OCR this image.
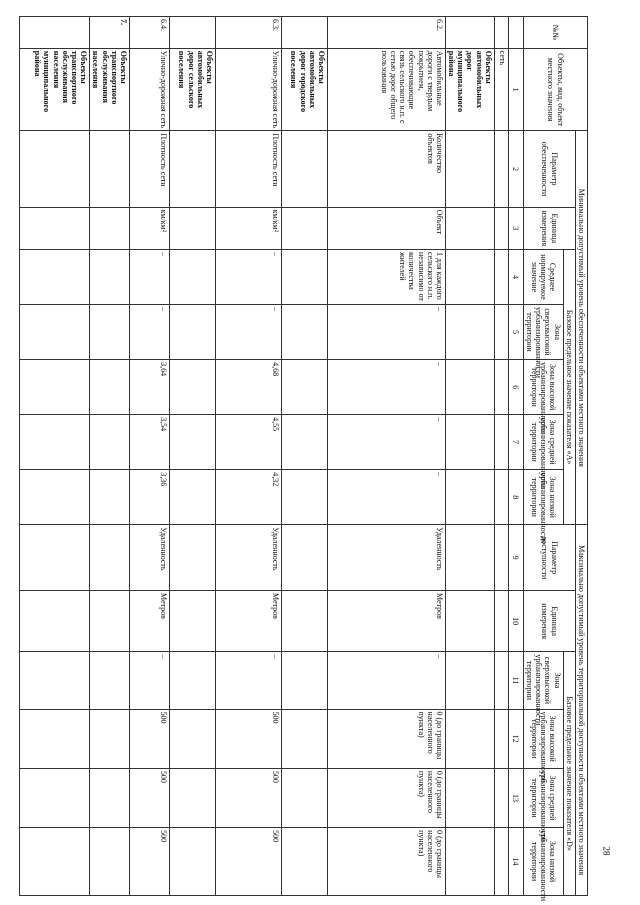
№№	Объекты, вид, объект местного значения	Минимально допустимый уровень обеспеченности объектами местного значения							Максимально допустимый уровень территориальной доступности объектами местного значения					
		Параметр обеспеченности	Единица измерения	Базовое предельное значение показателя «А»					Параметр доступности	Единица измерения	Базовое предельное значение показателя «D»			
				Среднее нормируемое значение	Зона сверхвысокой урбанизированности территории	Зона высокой урбанизированности территории	Зона средней урбанизированности территории	Зона низкой урбанизированности территории			Зона сверхвысокой урбанизированности территории	Зона высокой урбанизированности территории	Зона средней урбанизированности территории	Зона низкой урбанизированности территории
	1	2	3	4	5	6	7	8	9	10	11	12	13	14
	сеть													
	Объекты автомобильных дорог муниципального района													
6.2.	Автомобильные дороги с твердым покрытием, обеспечивающие связь сельского н.п. с сетью дорог общего пользования	Количество объектов	Объект	1 для каждого сельского н.п. независимо от количества жителей	–	–	–	–	Удаленность	Метров	–	0 (до границы населенного пункта)	0 (до границы населенного пункта)	0 (до границы населенного пункта)
	Объекты автомобильных дорог городского поселения													
6.3.	Улично-дорожная сеть	Плотность сети	км/км²	–	–	4,68	4,55	4,32	Удаленность	Метров	–	500	500	500
	Объекты автомобильных дорог сельского поселения													
6.4.	Улично-дорожная сеть	Плотность сети	км/км²	–	–	3,64	3,54	3,36	Удаленность	Метров	–	500	500	500
7.	Объекты транспортного обслуживания населения													
	Объекты транспортного обслуживания населения муниципального района													
28
